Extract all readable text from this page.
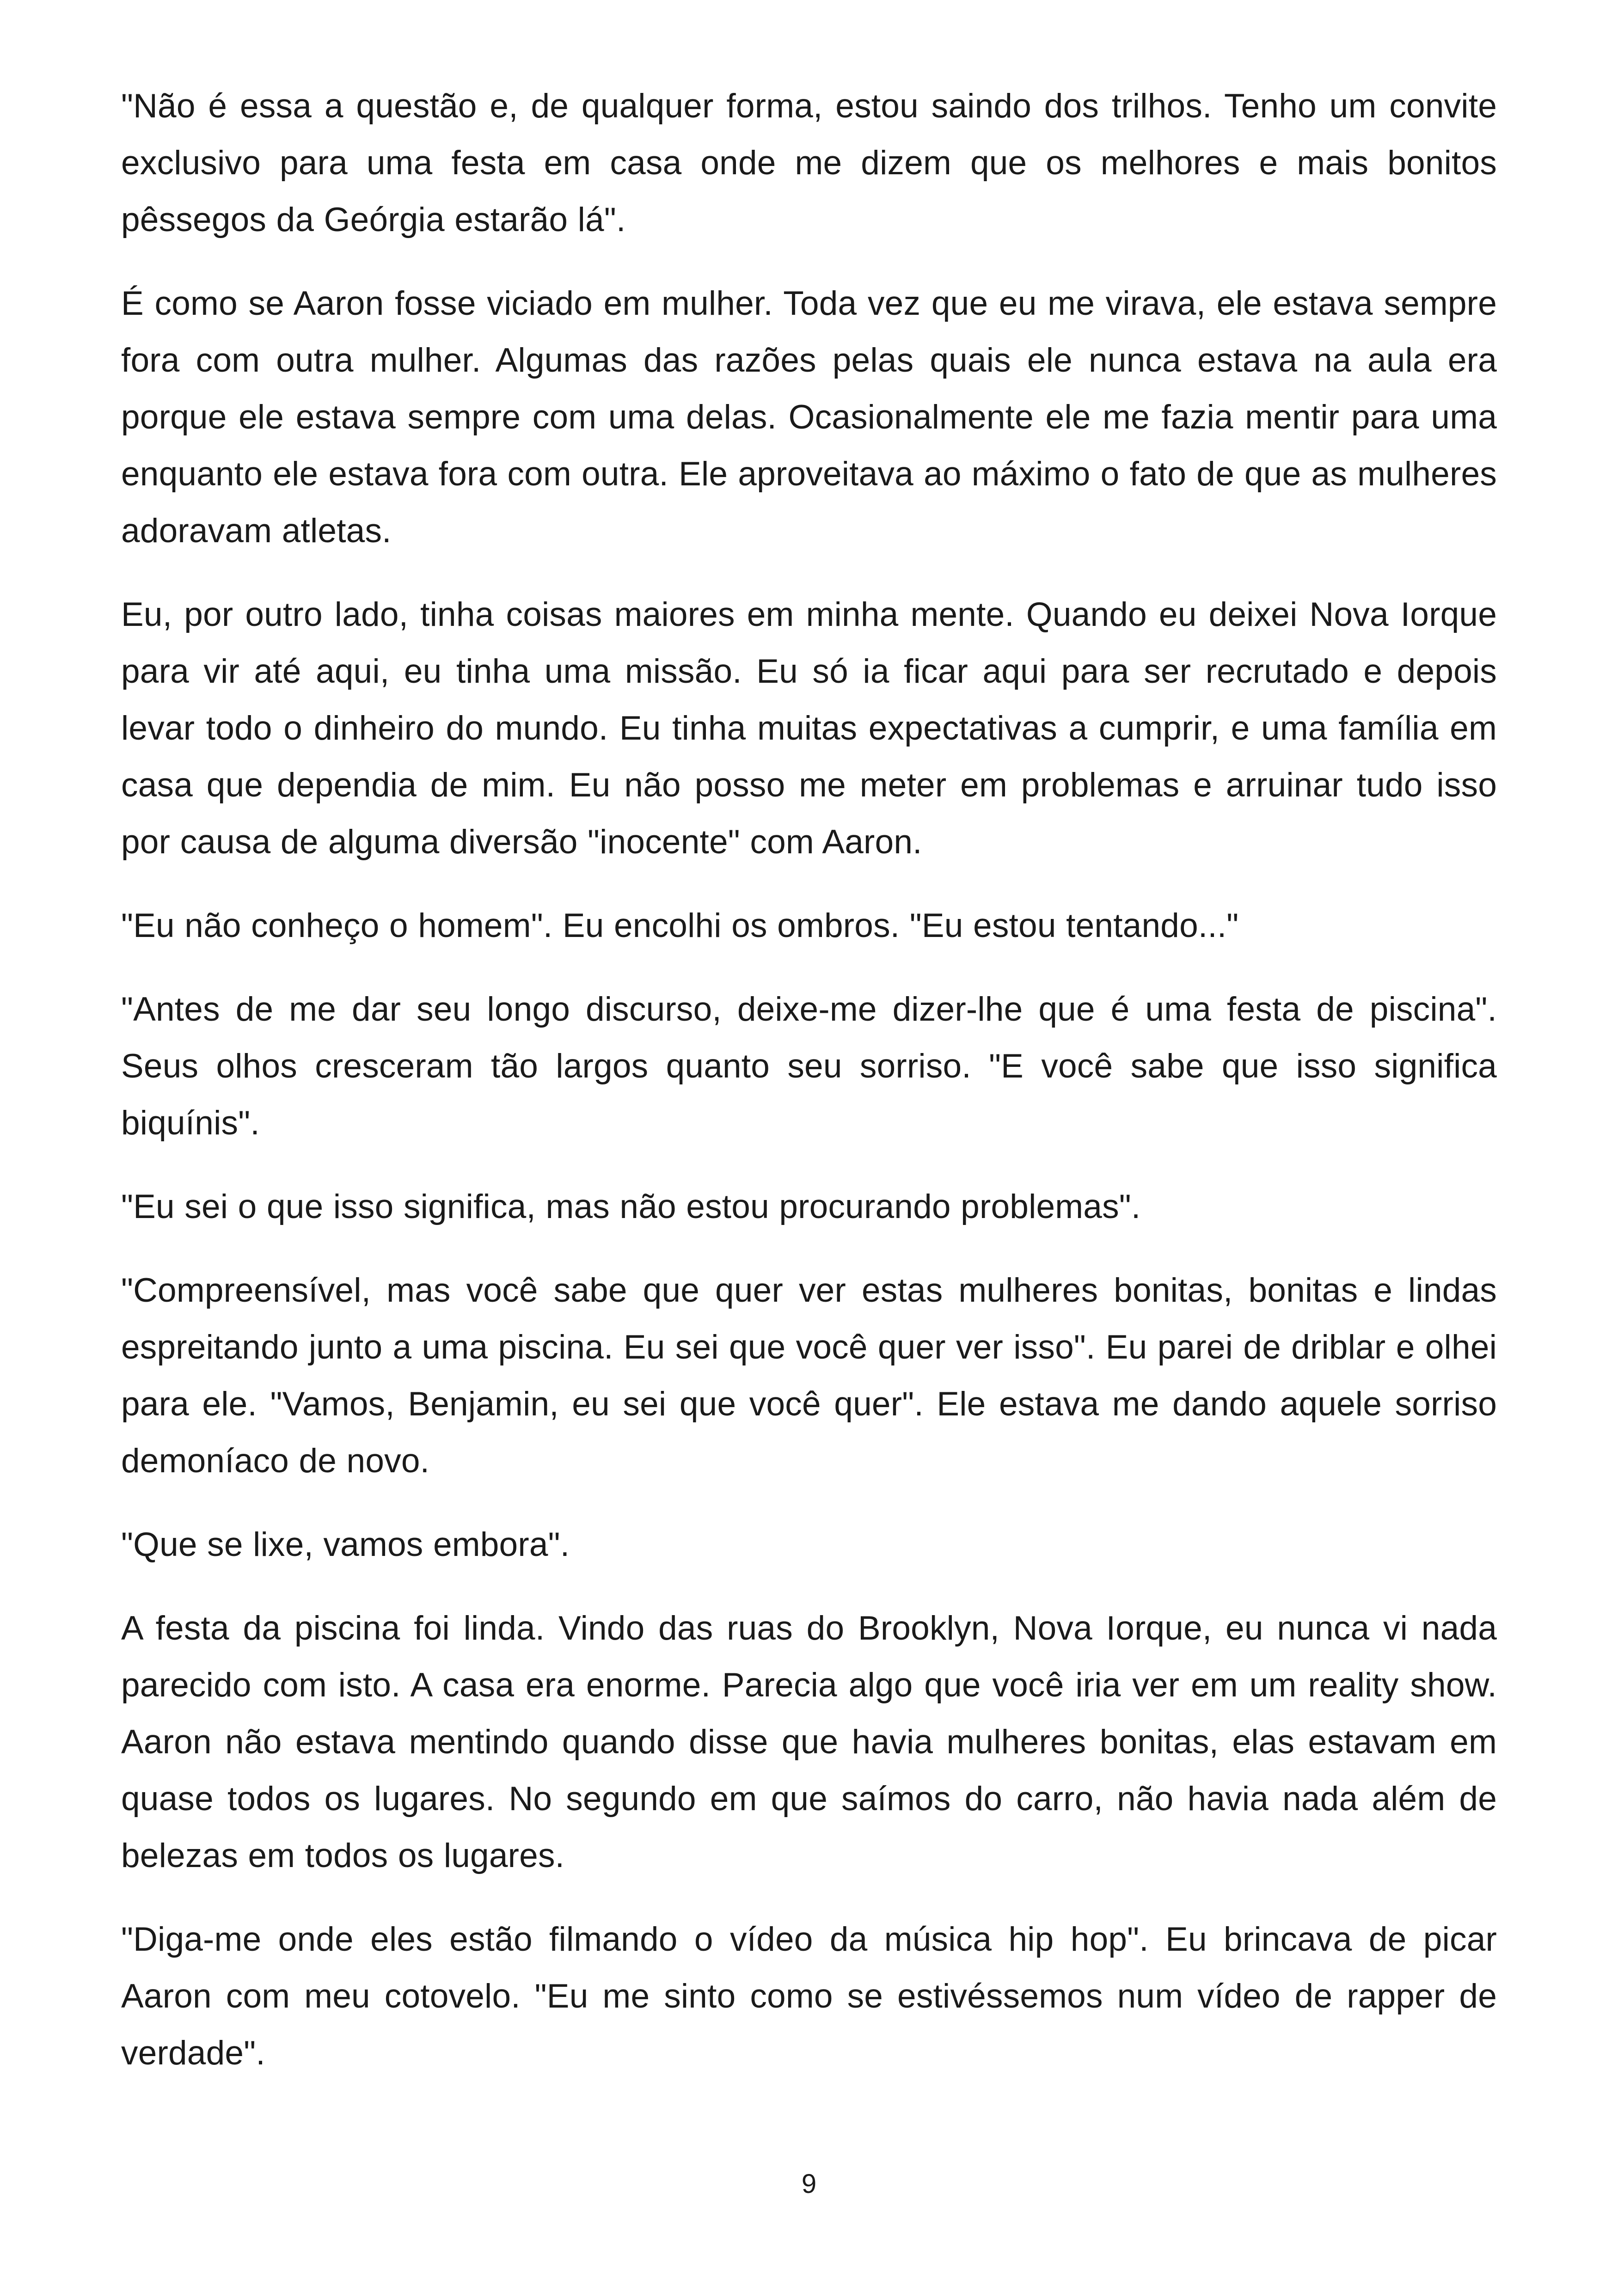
"Não é essa a questão e, de qualquer forma, estou saindo dos trilhos. Tenho um convite exclusivo para uma festa em casa onde me dizem que os melhores e mais bonitos pêssegos da Geórgia estarão lá".

É como se Aaron fosse viciado em mulher. Toda vez que eu me virava, ele estava sempre fora com outra mulher. Algumas das razões pelas quais ele nunca estava na aula era porque ele estava sempre com uma delas. Ocasionalmente ele me fazia mentir para uma enquanto ele estava fora com outra. Ele aproveitava ao máximo o fato de que as mulheres adoravam atletas.

Eu, por outro lado, tinha coisas maiores em minha mente. Quando eu deixei Nova Iorque para vir até aqui, eu tinha uma missão. Eu só ia ficar aqui para ser recrutado e depois levar todo o dinheiro do mundo. Eu tinha muitas expectativas a cumprir, e uma família em casa que dependia de mim. Eu não posso me meter em problemas e arruinar tudo isso por causa de alguma diversão "inocente" com Aaron.

"Eu não conheço o homem". Eu encolhi os ombros. "Eu estou tentando..."

"Antes de me dar seu longo discurso, deixe-me dizer-lhe que é uma festa de piscina". Seus olhos cresceram tão largos quanto seu sorriso. "E você sabe que isso significa biquínis".

"Eu sei o que isso significa, mas não estou procurando problemas".

"Compreensível, mas você sabe que quer ver estas mulheres bonitas, bonitas e lindas espreitando junto a uma piscina. Eu sei que você quer ver isso". Eu parei de driblar e olhei para ele. "Vamos, Benjamin, eu sei que você quer". Ele estava me dando aquele sorriso demoníaco de novo.

"Que se lixe, vamos embora".

A festa da piscina foi linda. Vindo das ruas do Brooklyn, Nova Iorque, eu nunca vi nada parecido com isto. A casa era enorme. Parecia algo que você iria ver em um reality show. Aaron não estava mentindo quando disse que havia mulheres bonitas, elas estavam em quase todos os lugares. No segundo em que saímos do carro, não havia nada além de belezas em todos os lugares.

"Diga-me onde eles estão filmando o vídeo da música hip hop". Eu brincava de picar Aaron com meu cotovelo. "Eu me sinto como se estivéssemos num vídeo de rapper de verdade".

9
